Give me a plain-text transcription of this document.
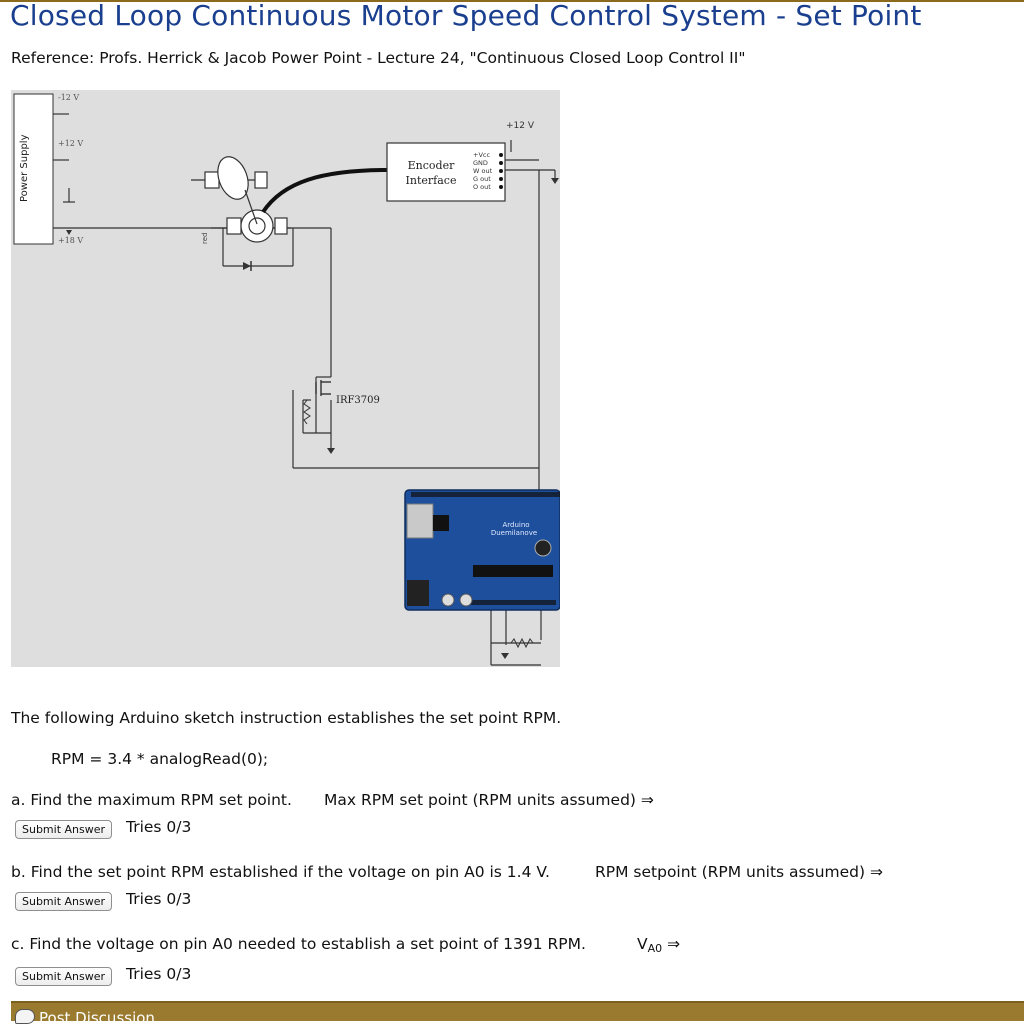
Closed Loop Continuous Motor Speed Control System - Set Point
Reference: Profs. Herrick & Jacob Power Point - Lecture 24, "Continuous Closed Loop Control II"
Power Supply
-12 V
+12 V
+18 V
+12 V
red
Encoder
Interface
+Vcc
GND
W out
G out
O out
IRF3709
Arduino
Duemilanove
The following Arduino sketch instruction establishes the set point RPM.
RPM = 3.4 * analogRead(0);
a. Find the maximum RPM set point. Max RPM set point (RPM units assumed) ⇒
Submit Answer	Tries 0/3
b. Find the set point RPM established if the voltage on pin A0 is 1.4 V.	RPM setpoint (RPM units assumed) ⇒
Submit Answer	Tries 0/3
c. Find the voltage on pin A0 needed to establish a set point of 1391 RPM.	$V_{A0}$ ⇒
Submit Answer	Tries 0/3
Post Discussion
